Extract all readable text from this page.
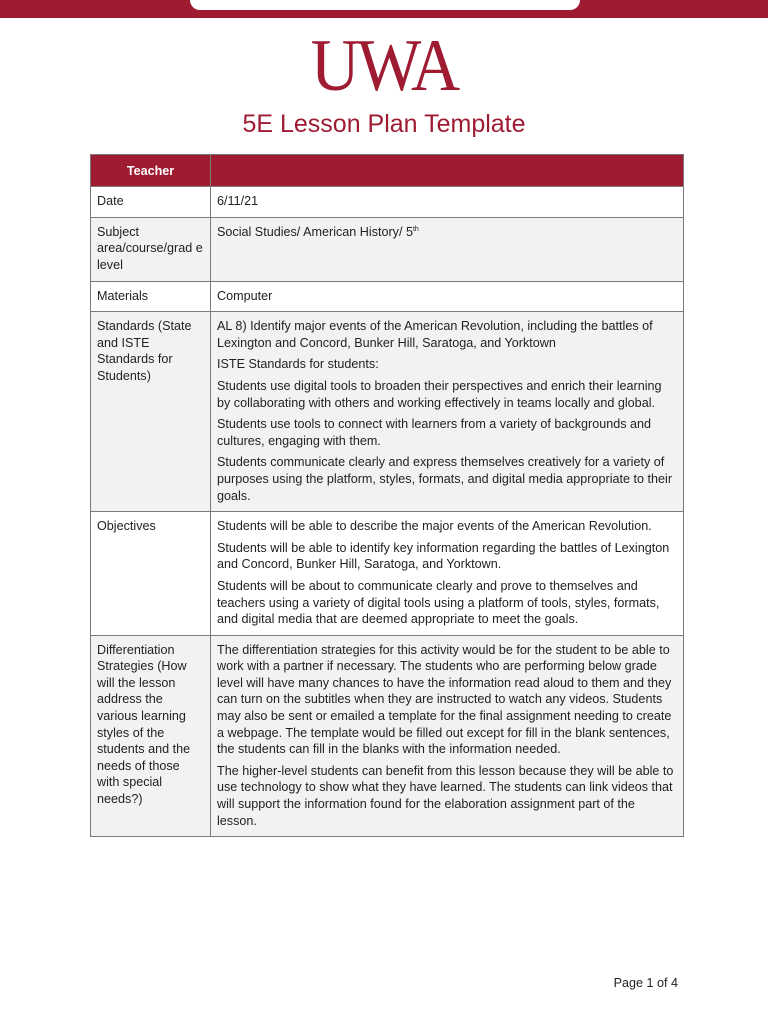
UWA
5E Lesson Plan Template
Teacher	
Date	6/11/21
Subject area/course/grad e level	Social Studies/ American History/ 5th
Materials	Computer
Standards (State and ISTE Standards for Students)	AL 8) Identify major events of the American Revolution, including the battles of Lexington and Concord, Bunker Hill, Saratoga, and Yorktown

ISTE Standards for students:

Students use digital tools to broaden their perspectives and enrich their learning by collaborating with others and working effectively in teams locally and global.

Students use tools to connect with learners from a variety of backgrounds and cultures, engaging with them.

Students communicate clearly and express themselves creatively for a variety of purposes using the platform, styles, formats, and digital media appropriate to their goals.

Objectives	Students will be able to describe the major events of the American Revolution.

Students will be able to identify key information regarding the battles of Lexington and Concord, Bunker Hill, Saratoga, and Yorktown.

Students will be about to communicate clearly and prove to themselves and teachers using a variety of digital tools using a platform of tools, styles, formats, and digital media that are deemed appropriate to meet the goals.

Differentiation Strategies (How will the lesson address the various learning styles of the students and the needs of those with special needs?)	The differentiation strategies for this activity would be for the student to be able to work with a partner if necessary. The students who are performing below grade level will have many chances to have the information read aloud to them and they can turn on the subtitles when they are instructed to watch any videos. Students may also be sent or emailed a template for the final assignment needing to create a webpage. The template would be filled out except for fill in the blank sentences, the students can fill in the blanks with the information needed.

The higher-level students can benefit from this lesson because they will be able to use technology to show what they have learned. The students can link videos that will support the information found for the elaboration assignment part of the lesson.

Page 1 of 4
